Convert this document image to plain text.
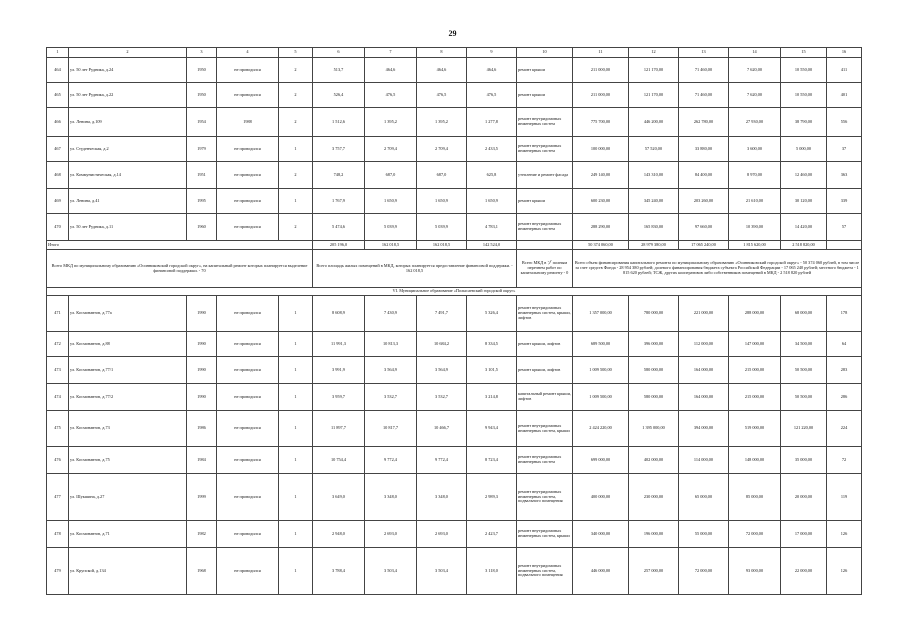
29
1	2	3	4	5	6	7	8	9	10	11	12	13	14	15	16
464	ул. 50 лет Рудника, д.24	1950	не проводился	2	513,7	464,6	464,6	464,6	ремонт крыши	211 000,00	121 170,00	71 460,00	7 620,00	10 550,00	411
465	ул. 50 лет Рудника, д.22	1950	не проводился	2	526,4	476,5	476,5	476,5	ремонт крыши	211 000,00	121 170,00	71 460,00	7 620,00	10 550,00	401
466	ул. Ленина, д.109	1954	1988	2	1 512,6	1 395,2	1 395,2	1 277,8	ремонт внутридомовых инженерных систем	775 700,00	446 200,00	262 780,00	27 930,00	38 790,00	556
467	ул. Студенческая, д.2	1979	не проводился	1	3 757,7	2 709,4	2 709,4	2 433,5	ремонт внутридомовых инженерных систем	100 000,00	57 520,00	33 880,00	3 600,00	5 000,00	37
468	ул. Коммунистическая, д.14	1951	не проводился	2	748,2	687,0	687,0	625,8	утепление и ремонт фасада	249 140,00	143 310,00	84 400,00	8 970,00	12 460,00	363
469	ул. Ленина, д.41	1995	не проводился	1	1 767,9	1 650,9	1 650,9	1 650,9	ремонт крыши	600 230,00	345 240,00	203 260,00	21 610,00	30 120,00	339
470	ул. 50 лет Рудника, д.11	1960	не проводился	2	5 474,6	5 039,9	5 039,9	4 783,1	ремонт внутридомовых инженерных систем	288 290,00	165 830,00	97 660,00	10 390,00	14 420,00	57
Итого					205 196,0	162 018,5	162 018,5	142 524,0		50 374 060,00	28 979 380,00	17 065 240,00	1 815 620,00	2 518 820,00	
Всего МКД по муниципальному образованию «Осинниковский городской округ», на капитальный ремонт которых планируется выделение финансовой поддержки. - 70					Всего площадь жилых помещений в МКД, которых планируется предоставление финансовой поддержки. - 162 018,5				Всего МКД в プ полным перечнем работ по капитальному ремонту - 0	Всего объем финансирования капитального ремонта по муниципальному образованию «Осинниковский городской округ» - 50 374 060 рублей, в том числе за счет средств Фонда - 28 954 380 рублей; долевого финансирования бюджета субъекта Российской Федерации - 17 065 240 рублей; местного бюджета - 1 815 620 рублей; ТСЖ, других кооперативов либо собственников помещений в МКД - 2 518 820 рублей					
VI. Муниципальное образование «Полысаевский городской округ»															
471	ул. Космонавтов, д.77а	1990	не проводился	1	8 608,9	7 430,9	7 491,7	5 326,4	ремонт внутридомовых инженерных систем, крыши, лифтов	1 357 000,00	780 000,00	221 000,00	288 000,00	68 000,00	178
472	ул. Космонавтов, д.88	1990	не проводился	1	11 991,3	10 813,3	10 684,2	8 334,5	ремонт крыши, лифтов	689 500,00	396 000,00	112 000,00	147 000,00	34 500,00	64
473	ул. Космонавтов, д.77/1	1990	не проводился	1	3 991,9	3 564,9	3 564,9	3 101,5	ремонт крыши, лифтов	1 009 500,00	580 000,00	164 000,00	215 000,00	50 500,00	283
474	ул. Космонавтов, д.77/2	1990	не проводился	1	3 959,7	3 532,7	3 532,7	3 214,8	капитальный ремонт крыши, лифтов	1 009 500,00	580 000,00	164 000,00	215 000,00	50 500,00	286
475	ул. Космонавтов, д.73	1986	не проводился	1	11 897,7	10 817,7	10 466,7	9 943,4	ремонт внутридомовых инженерных систем, крыши	2 424 220,00	1 395 000,00	394 000,00	519 000,00	121 220,00	224
476	ул. Космонавтов, д.75	1984	не проводился	1	10 754,4	9 772,4	9 772,4	8 723,4	ремонт внутридомовых инженерных систем	699 000,00	402 000,00	114 000,00	148 000,00	35 000,00	72
477	ул. Шукшина, д.27	1999	не проводился	1	3 649,0	3 348,0	3 348,0	2 989,3	ремонт внутридомовых инженерных систем, подвального помещения	400 000,00	230 000,00	65 000,00	85 000,00	20 000,00	119
478	ул. Космонавтов, д.71	1982	не проводился	1	2 948,0	2 693,0	2 693,0	2 423,7	ремонт внутридомовых инженерных систем, крыши	340 000,00	196 000,00	55 000,00	72 000,00	17 000,00	126
479	ул. Крупской, д.134	1968	не проводился	1	3 788,4	3 503,4	3 503,4	3 118,0	ремонт внутридомовых инженерных систем, подвального помещения	446 000,00	257 000,00	72 000,00	93 000,00	22 000,00	126
